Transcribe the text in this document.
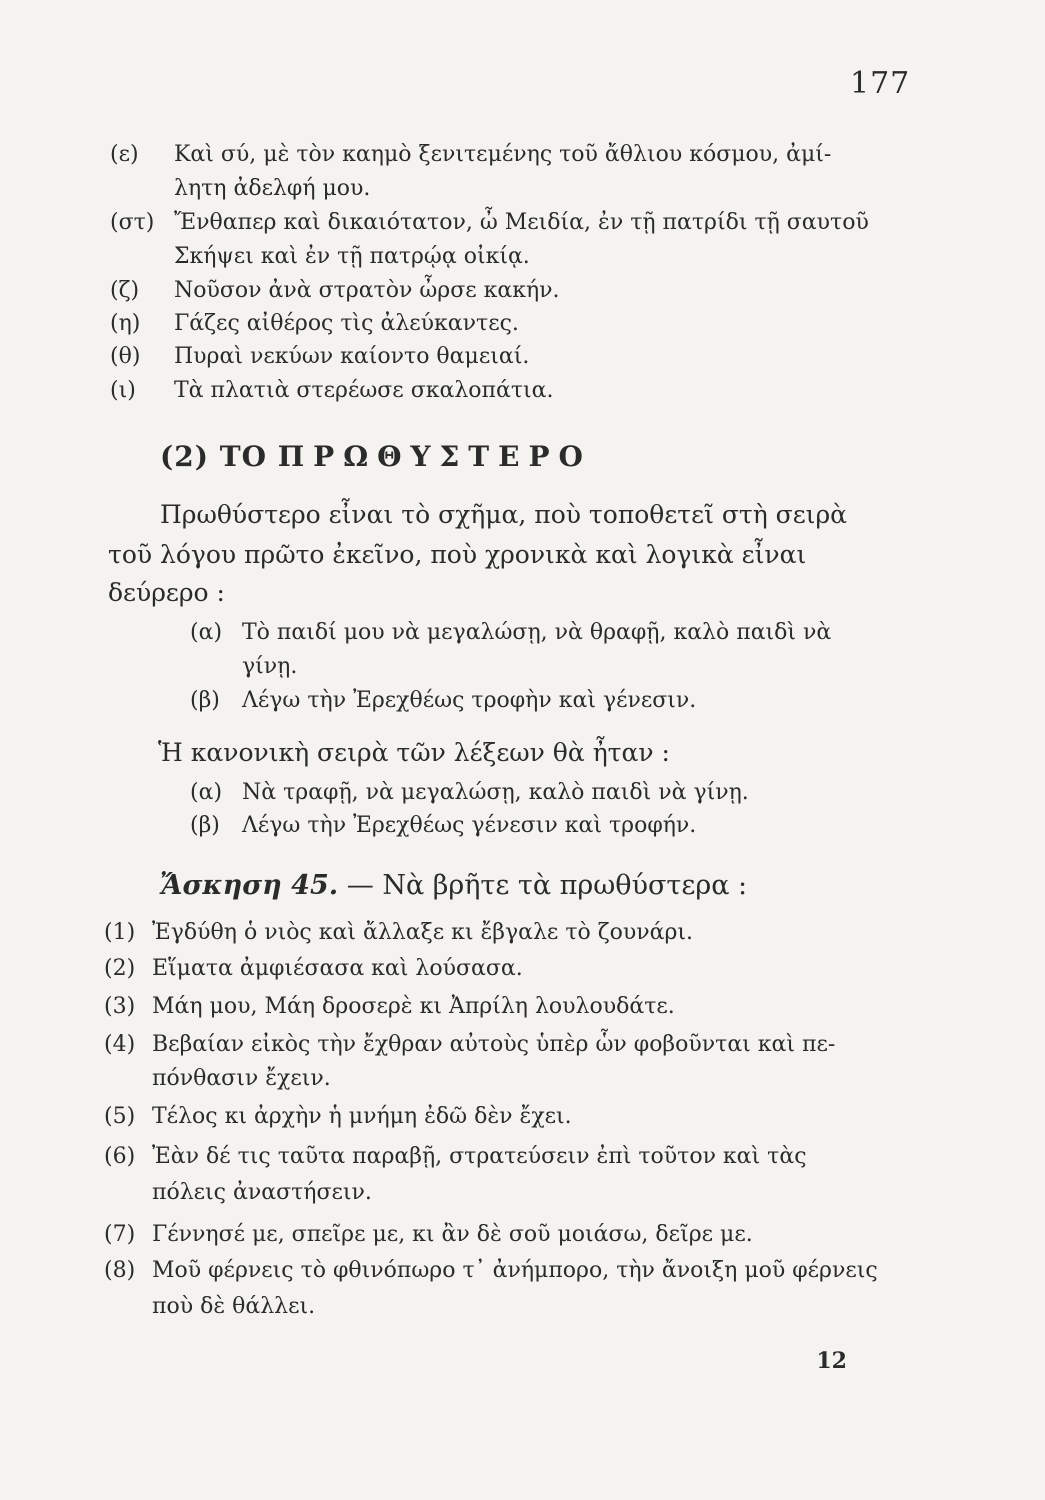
177
(ε) Καὶ σύ, μὲ τὸν καημὸ ξενιτεμένης τοῦ ἄθλιου κόσμου, ἀμί-
λητη ἀδελφή μου.
(στ) Ἔνθαπερ καὶ δικαιότατον, ὦ Μειδία, ἐν τῇ πατρίδι τῇ σαυτοῦ
Σκήψει καὶ ἐν τῇ πατρῴᾳ οἰκίᾳ.
(ζ) Νοῦσον ἀνὰ στρατὸν ὦρσε κακήν.
(η) Γάζες αἰθέρος τὶς ἀλεύκαντες.
(θ) Πυραὶ νεκύων καίοντο θαμειαί.
(ι) Τὰ πλατιὰ στερέωσε σκαλοπάτια.
(2) ΤΟ ΠΡΩΘΥΣΤΕΡΟ
Πρωθύστερο εἶναι τὸ σχῆμα, ποὺ τοποθετεῖ στὴ σειρὰ
τοῦ λόγου πρῶτο ἐκεῖνο, ποὺ χρονικὰ καὶ λογικὰ εἶναι
δεύρερο :
(α) Τὸ παιδί μου νὰ μεγαλώσῃ, νὰ θραφῇ, καλὸ παιδὶ νὰ
γίνῃ.
(β) Λέγω τὴν Ἐρεχθέως τροφὴν καὶ γένεσιν.
Ἡ κανονικὴ σειρὰ τῶν λέξεων θὰ ἦταν :
(α) Νὰ τραφῇ, νὰ μεγαλώσῃ, καλὸ παιδὶ νὰ γίνῃ.
(β) Λέγω τὴν Ἐρεχθέως γένεσιν καὶ τροφήν.
Ἄσκηση 45. — Νὰ βρῆτε τὰ πρωθύστερα :
(1) Ἐγδύθη ὁ νιὸς καὶ ἄλλαξε κι ἔβγαλε τὸ ζουνάρι.
(2) Εἵματα ἀμφιέσασα καὶ λούσασα.
(3) Μάη μου, Μάη δροσερὲ κι Ἀπρίλη λουλουδάτε.
(4) Βεβαίαν εἰκὸς τὴν ἔχθραν αὐτοὺς ὑπὲρ ὧν φοβοῦνται καὶ πε-
πόνθασιν ἔχειν.
(5) Τέλος κι ἀρχὴν ἡ μνήμη ἐδῶ δὲν ἔχει.
(6) Ἐὰν δέ τις ταῦτα παραβῇ, στρατεύσειν ἐπὶ τοῦτον καὶ τὰς
πόλεις ἀναστήσειν.
(7) Γέννησέ με, σπεῖρε με, κι ἂν δὲ σοῦ μοιάσω, δεῖρε με.
(8) Μοῦ φέρνεις τὸ φθινόπωρο τ᾽ ἀνήμπορο, τὴν ἄνοιξη μοῦ φέρνεις
ποὺ δὲ θάλλει.
12
